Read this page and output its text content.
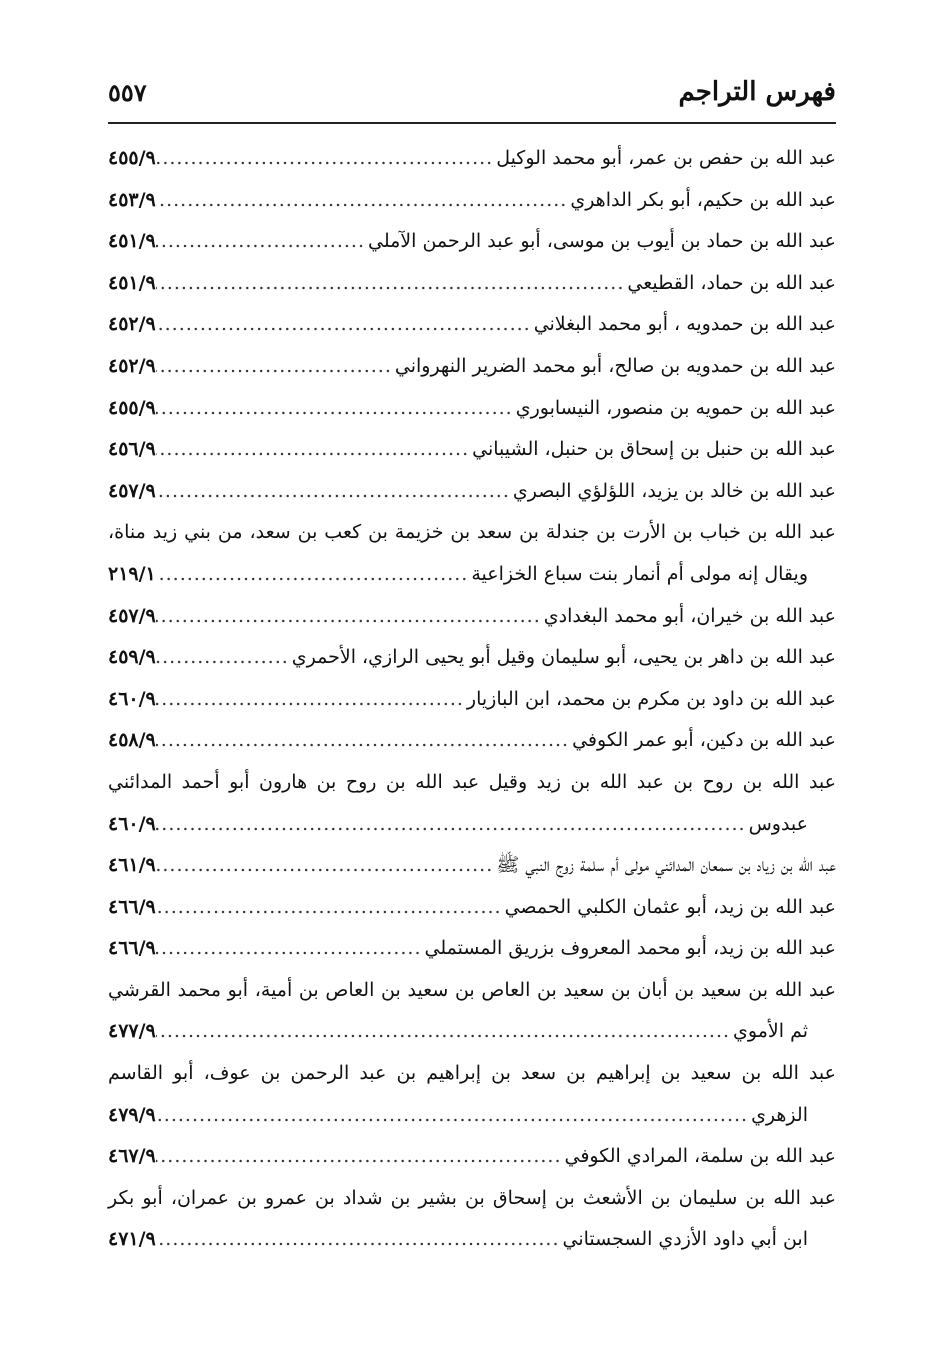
فهرس التراجم
٥٥٧
عبد الله بن حفص بن عمر، أبو محمد الوكيل
.....
٤٥٥/٩
عبد الله بن حكيم، أبو بكر الداهري
.....
٤٥٣/٩
عبد الله بن حماد بن أيوب بن موسى، أبو عبد الرحمن الآملي
.....
٤٥١/٩
عبد الله بن حماد، القطيعي
.....
٤٥١/٩
عبد الله بن حمدويه ، أبو محمد البغلاني
.....
٤٥٢/٩
عبد الله بن حمدويه بن صالح، أبو محمد الضرير النهرواني
.....
٤٥٢/٩
عبد الله بن حمويه بن منصور، النيسابوري
.....
٤٥٥/٩
عبد الله بن حنبل بن إسحاق بن حنبل، الشيباني
.....
٤٥٦/٩
عبد الله بن خالد بن يزيد، اللؤلؤي البصري
.....
٤٥٧/٩
عبد الله بن خباب بن الأرت بن جندلة بن سعد بن خزيمة بن كعب بن سعد، من بني زيد مناة،
ويقال إنه مولى أم أنمار بنت سباع الخزاعية
.....
٢١٩/١
عبد الله بن خيران، أبو محمد البغدادي
.....
٤٥٧/٩
عبد الله بن داهر بن يحيى، أبو سليمان وقيل أبو يحيى الرازي، الأحمري
.....
٤٥٩/٩
عبد الله بن داود بن مكرم بن محمد، ابن البازيار
.....
٤٦٠/٩
عبد الله بن دكين، أبو عمر الكوفي
.....
٤٥٨/٩
عبد الله بن روح بن عبد الله بن زيد وقيل عبد الله بن روح بن هارون أبو أحمد المدائني
عبدوس
.....
٤٦٠/٩
عبد الله بن زياد بن سمعان المدائني مولى أم سلمة زوج النبي ﷺ
.....
٤٦١/٩
عبد الله بن زيد، أبو عثمان الكلبي الحمصي
.....
٤٦٦/٩
عبد الله بن زيد، أبو محمد المعروف بزريق المستملي
.....
٤٦٦/٩
عبد الله بن سعيد بن أبان بن سعيد بن العاص بن سعيد بن العاص بن أمية، أبو محمد القرشي
ثم الأموي
.....
٤٧٧/٩
عبد الله بن سعيد بن إبراهيم بن سعد بن إبراهيم بن عبد الرحمن بن عوف، أبو القاسم
الزهري
.....
٤٧٩/٩
عبد الله بن سلمة، المرادي الكوفي
.....
٤٦٧/٩
عبد الله بن سليمان بن الأشعث بن إسحاق بن بشير بن شداد بن عمرو بن عمران، أبو بكر
ابن أبي داود الأزدي السجستاني
.....
٤٧١/٩
